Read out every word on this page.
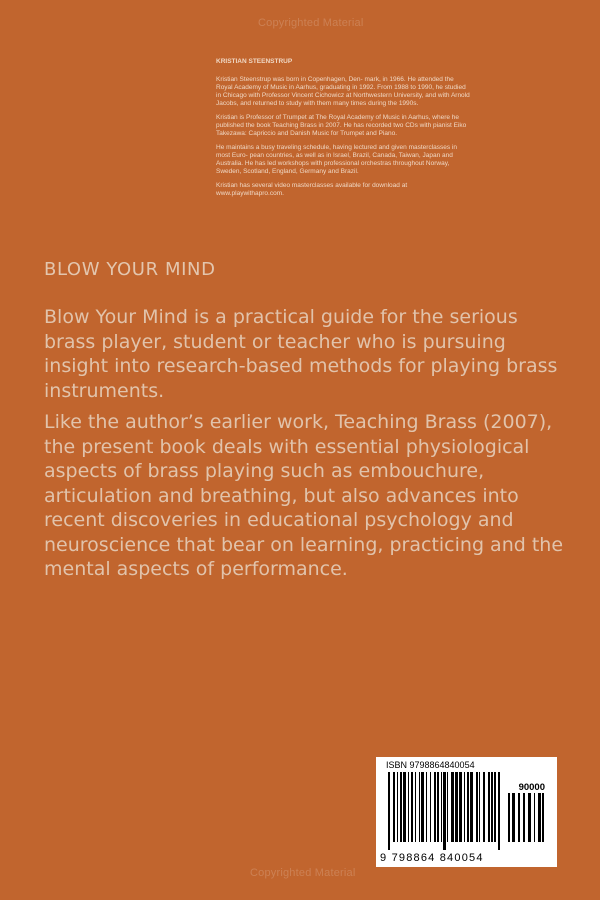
Copyrighted Material
KRISTIAN STEENSTRUP

Kristian Steenstrup was born in Copenhagen, Den- mark, in 1966. He attended the Royal Academy of Music in Aarhus, graduating in 1992. From 1988 to 1990, he studied in Chicago with Professor Vincent Cichowicz at Northwestern University, and with Arnold Jacobs, and returned to study with them many times during the 1990s.

Kristian is Professor of Trumpet at The Royal Academy of Music in Aarhus, where he published the book Teaching Brass in 2007. He has recorded two CDs with pianist Eiko Takezawa: Capriccio and Danish Music for Trumpet and Piano.

He maintains a busy traveling schedule, having lectured and given masterclasses in most Euro- pean countries, as well as in Israel, Brazil, Canada, Taiwan, Japan and Australia. He has led workshops with professional orchestras throughout Norway, Sweden, Scotland, England, Germany and Brazil.

Kristian has several video masterclasses available for download at www.playwithapro.com.

BLOW YOUR MIND

Blow Your Mind is a practical guide for the serious brass player, student or teacher who is pursuing insight into research-based methods for playing brass instruments.

Like the author’s earlier work, Teaching Brass (2007), the present book deals with essential physiological aspects of brass playing such as embouchure, articulation and breathing, but also advances into recent discoveries in educational psychology and neuroscience that bear on learning, practicing and the mental aspects of performance.

ISBN 9798864840054
90000
9 798864 840054
Copyrighted Material
